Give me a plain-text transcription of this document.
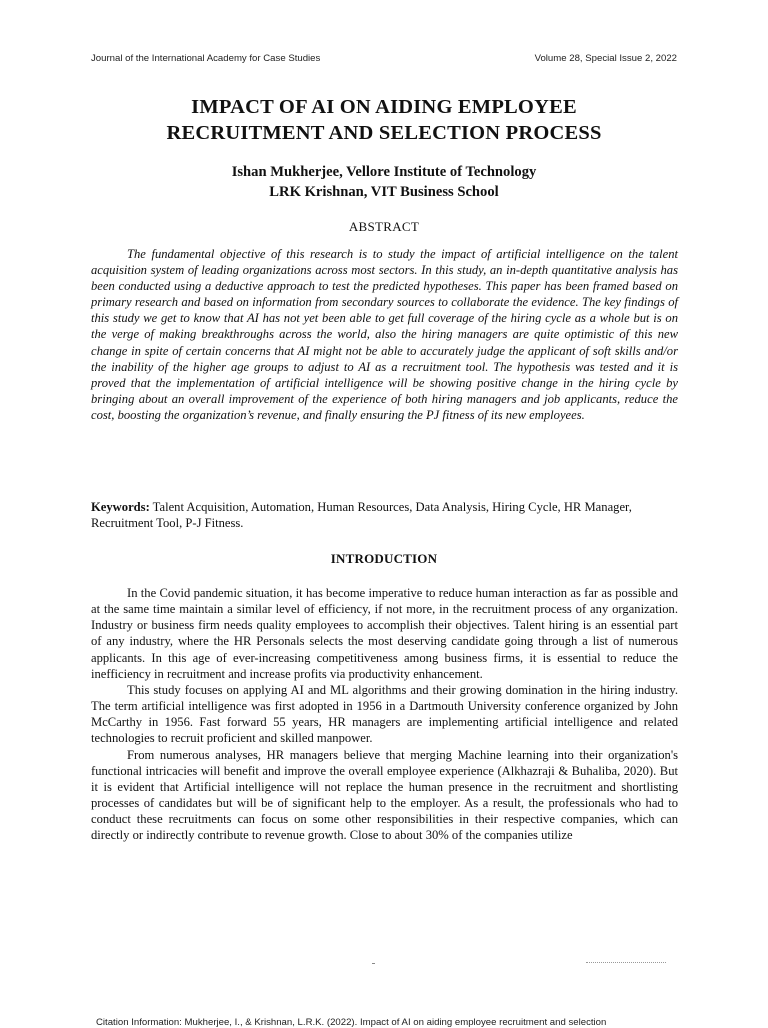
Journal of the International Academy for Case Studies	Volume 28, Special Issue 2, 2022
IMPACT OF AI ON AIDING EMPLOYEE
RECRUITMENT AND SELECTION PROCESS
Ishan Mukherjee, Vellore Institute of Technology
LRK Krishnan, VIT Business School
ABSTRACT
The fundamental objective of this research is to study the impact of artificial intelligence on the talent acquisition system of leading organizations across most sectors. In this study, an in-depth quantitative analysis has been conducted using a deductive approach to test the predicted hypotheses. This paper has been framed based on primary research and based on information from secondary sources to collaborate the evidence. The key findings of this study we get to know that AI has not yet been able to get full coverage of the hiring cycle as a whole but is on the verge of making breakthroughs across the world, also the hiring managers are quite optimistic of this new change in spite of certain concerns that AI might not be able to accurately judge the applicant of soft skills and/or the inability of the higher age groups to adjust to AI as a recruitment tool. The hypothesis was tested and it is proved that the implementation of artificial intelligence will be showing positive change in the hiring cycle by bringing about an overall improvement of the experience of both hiring managers and job applicants, reduce the cost, boosting the organization’s revenue, and finally ensuring the PJ fitness of its new employees.
Keywords: Talent Acquisition, Automation, Human Resources, Data Analysis, Hiring Cycle, HR Manager, Recruitment Tool, P-J Fitness.
INTRODUCTION

In the Covid pandemic situation, it has become imperative to reduce human interaction as far as possible and at the same time maintain a similar level of efficiency, if not more, in the recruitment process of any organization. Industry or business firm needs quality employees to accomplish their objectives. Talent hiring is an essential part of any industry, where the HR Personals selects the most deserving candidate going through a list of numerous applicants. In this age of ever-increasing competitiveness among business firms, it is essential to reduce the inefficiency in recruitment and increase profits via productivity enhancement.

This study focuses on applying AI and ML algorithms and their growing domination in the hiring industry. The term artificial intelligence was first adopted in 1956 in a Dartmouth University conference organized by John McCarthy in 1956. Fast forward 55 years, HR managers are implementing artificial intelligence and related technologies to recruit proficient and skilled manpower.

From numerous analyses, HR managers believe that merging Machine learning into their organization's functional intricacies will benefit and improve the overall employee experience (Alkhazraji & Buhaliba, 2020). But it is evident that Artificial intelligence will not replace the human presence in the recruitment and shortlisting processes of candidates but will be of significant help to the employer. As a result, the professionals who had to conduct these recruitments can focus on some other responsibilities in their respective companies, which can directly or indirectly contribute to revenue growth. Close to about 30% of the companies utilize

Citation Information: Mukherjee, I., & Krishnan, L.R.K. (2022). Impact of AI on aiding employee recruitment and selection
